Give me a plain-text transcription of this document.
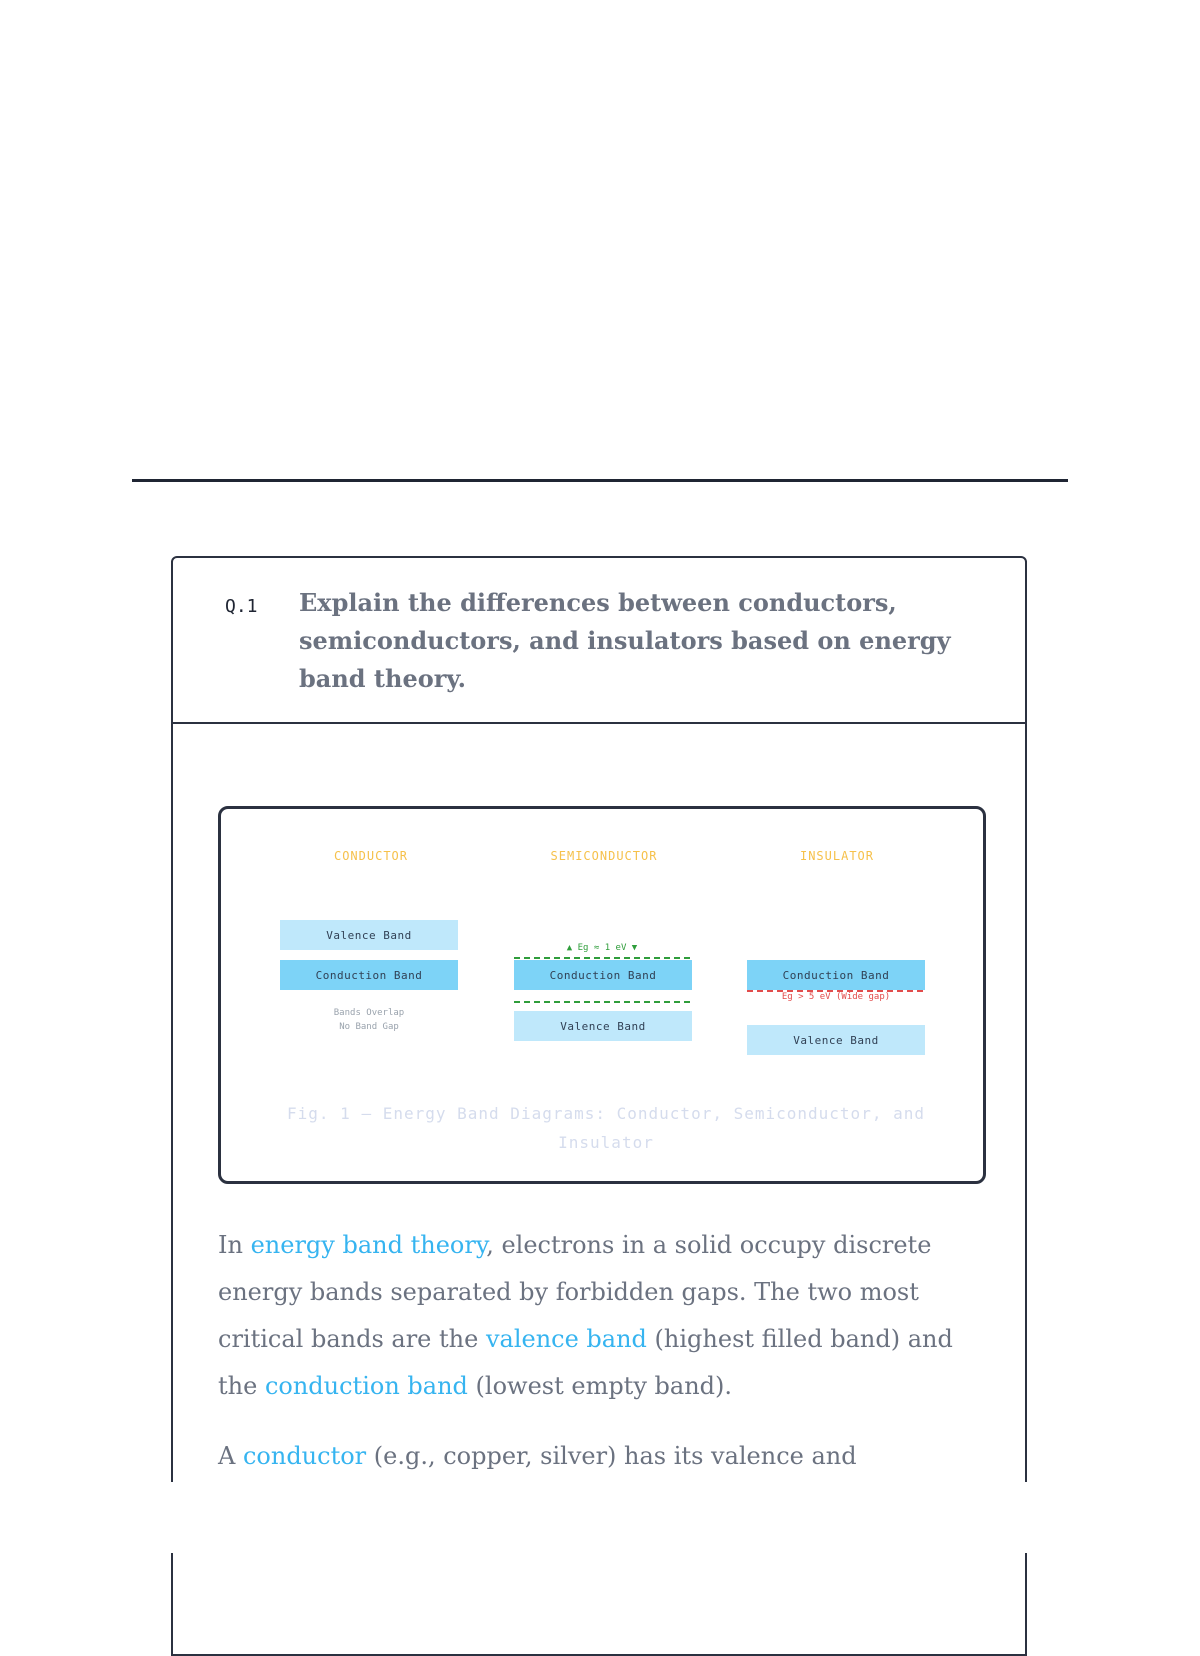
Q.1 Explain the differences between conductors, semiconductors, and insulators based on energy band theory.
CONDUCTOR
Valence Band
Conduction Band
Bands Overlap
No Band Gap
SEMICONDUCTOR
▲ Eg ≈ 1 eV ▼
Conduction Band
Valence Band
INSULATOR
Conduction Band
Eg > 5 eV (Wide gap)
Valence Band
Fig. 1 – Energy Band Diagrams: Conductor, Semiconductor, and Insulator
In energy band theory, electrons in a solid occupy discrete energy bands separated by forbidden gaps. The two most critical bands are the valence band (highest filled band) and the conduction band (lowest empty band).
A conductor (e.g., copper, silver) has its valence and
